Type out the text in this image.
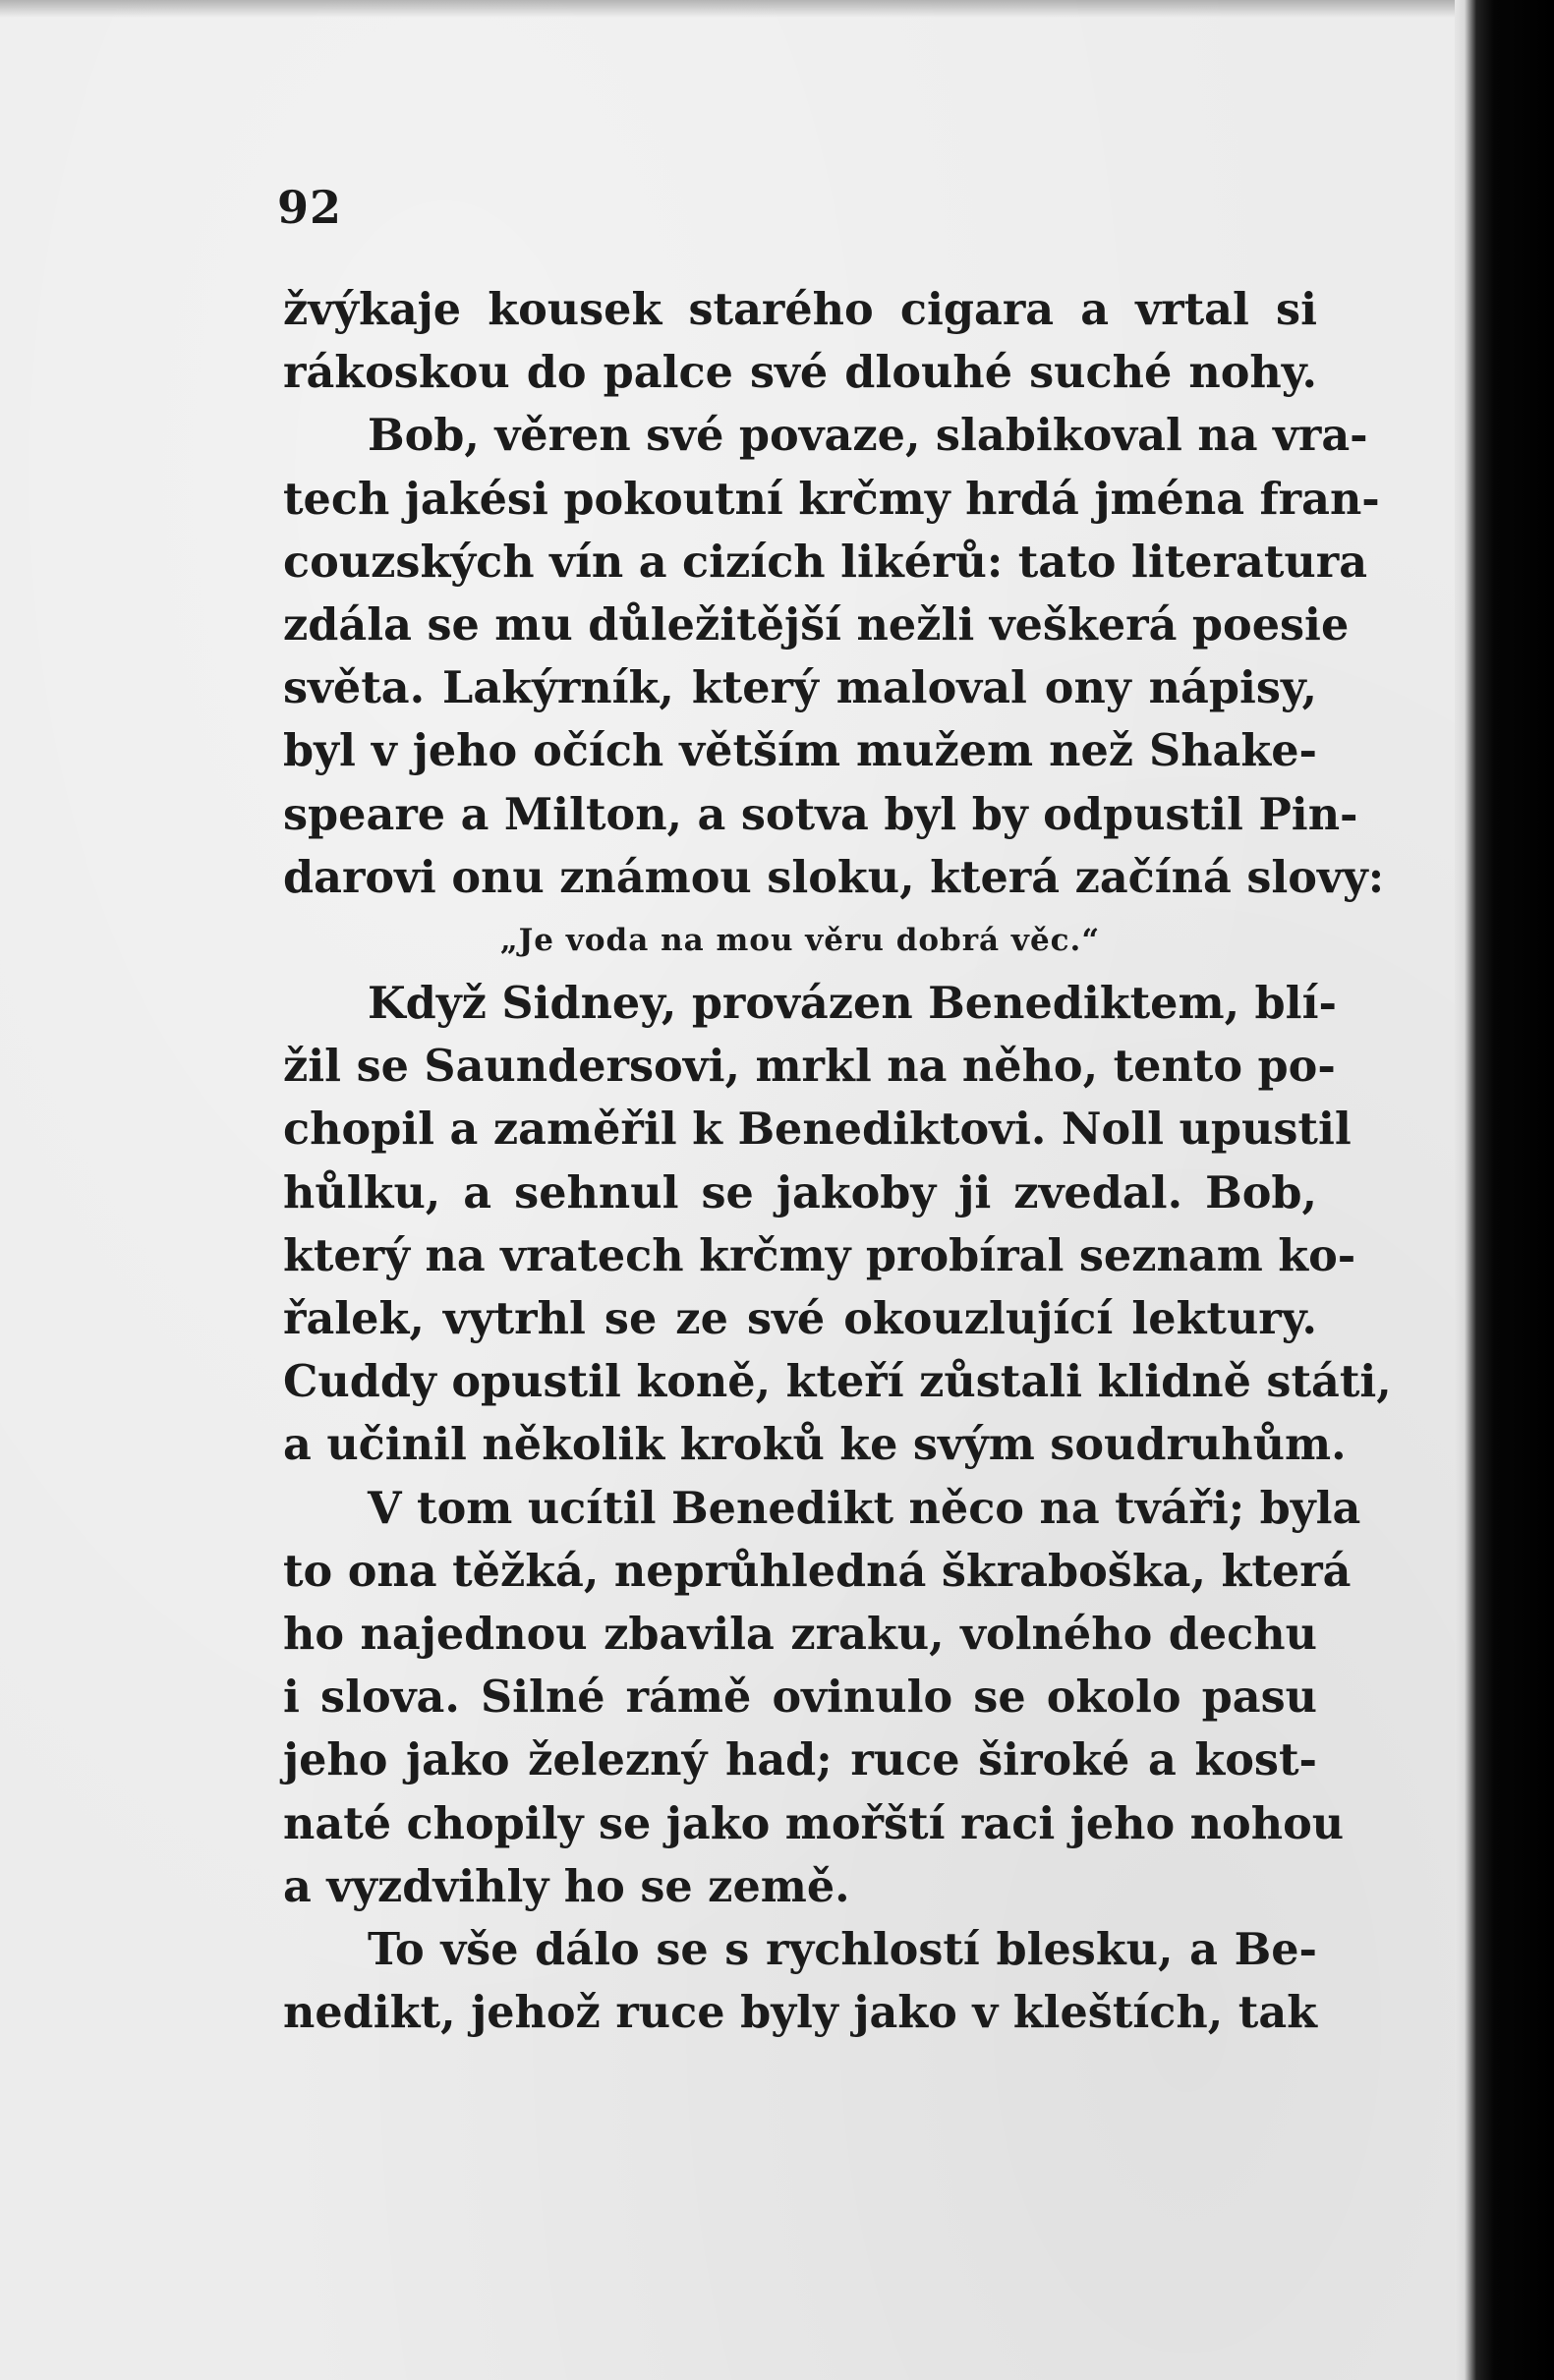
92
žvýkaje kousek starého cigara a vrtal si
rákoskou do palce své dlouhé suché nohy.
Bob, věren své povaze, slabikoval na vra-
tech jakési pokoutní krčmy hrdá jména fran-
couzských vín a cizích likérů: tato literatura
zdála se mu důležitější nežli veškerá poesie
světa. Lakýrník, který maloval ony nápisy,
byl v jeho očích větším mužem než Shake-
speare a Milton, a sotva byl by odpustil Pin-
darovi onu známou sloku, která začíná slovy:
„Je voda na mou věru dobrá věc.“
Když Sidney, provázen Benediktem, blí-
žil se Saundersovi, mrkl na něho, tento po-
chopil a zaměřil k Benediktovi. Noll upustil
hůlku, a sehnul se jakoby ji zvedal. Bob,
který na vratech krčmy probíral seznam ko-
řalek, vytrhl se ze své okouzlující lektury.
Cuddy opustil koně, kteří zůstali klidně státi,
a učinil několik kroků ke svým soudruhům.
V tom ucítil Benedikt něco na tváři; byla
to ona těžká, neprůhledná škraboška, která
ho najednou zbavila zraku, volného dechu
i slova. Silné rámě ovinulo se okolo pasu
jeho jako železný had; ruce široké a kost-
naté chopily se jako mořští raci jeho nohou
a vyzdvihly ho se země.
To vše dálo se s rychlostí blesku, a Be-
nedikt, jehož ruce byly jako v kleštích, tak
